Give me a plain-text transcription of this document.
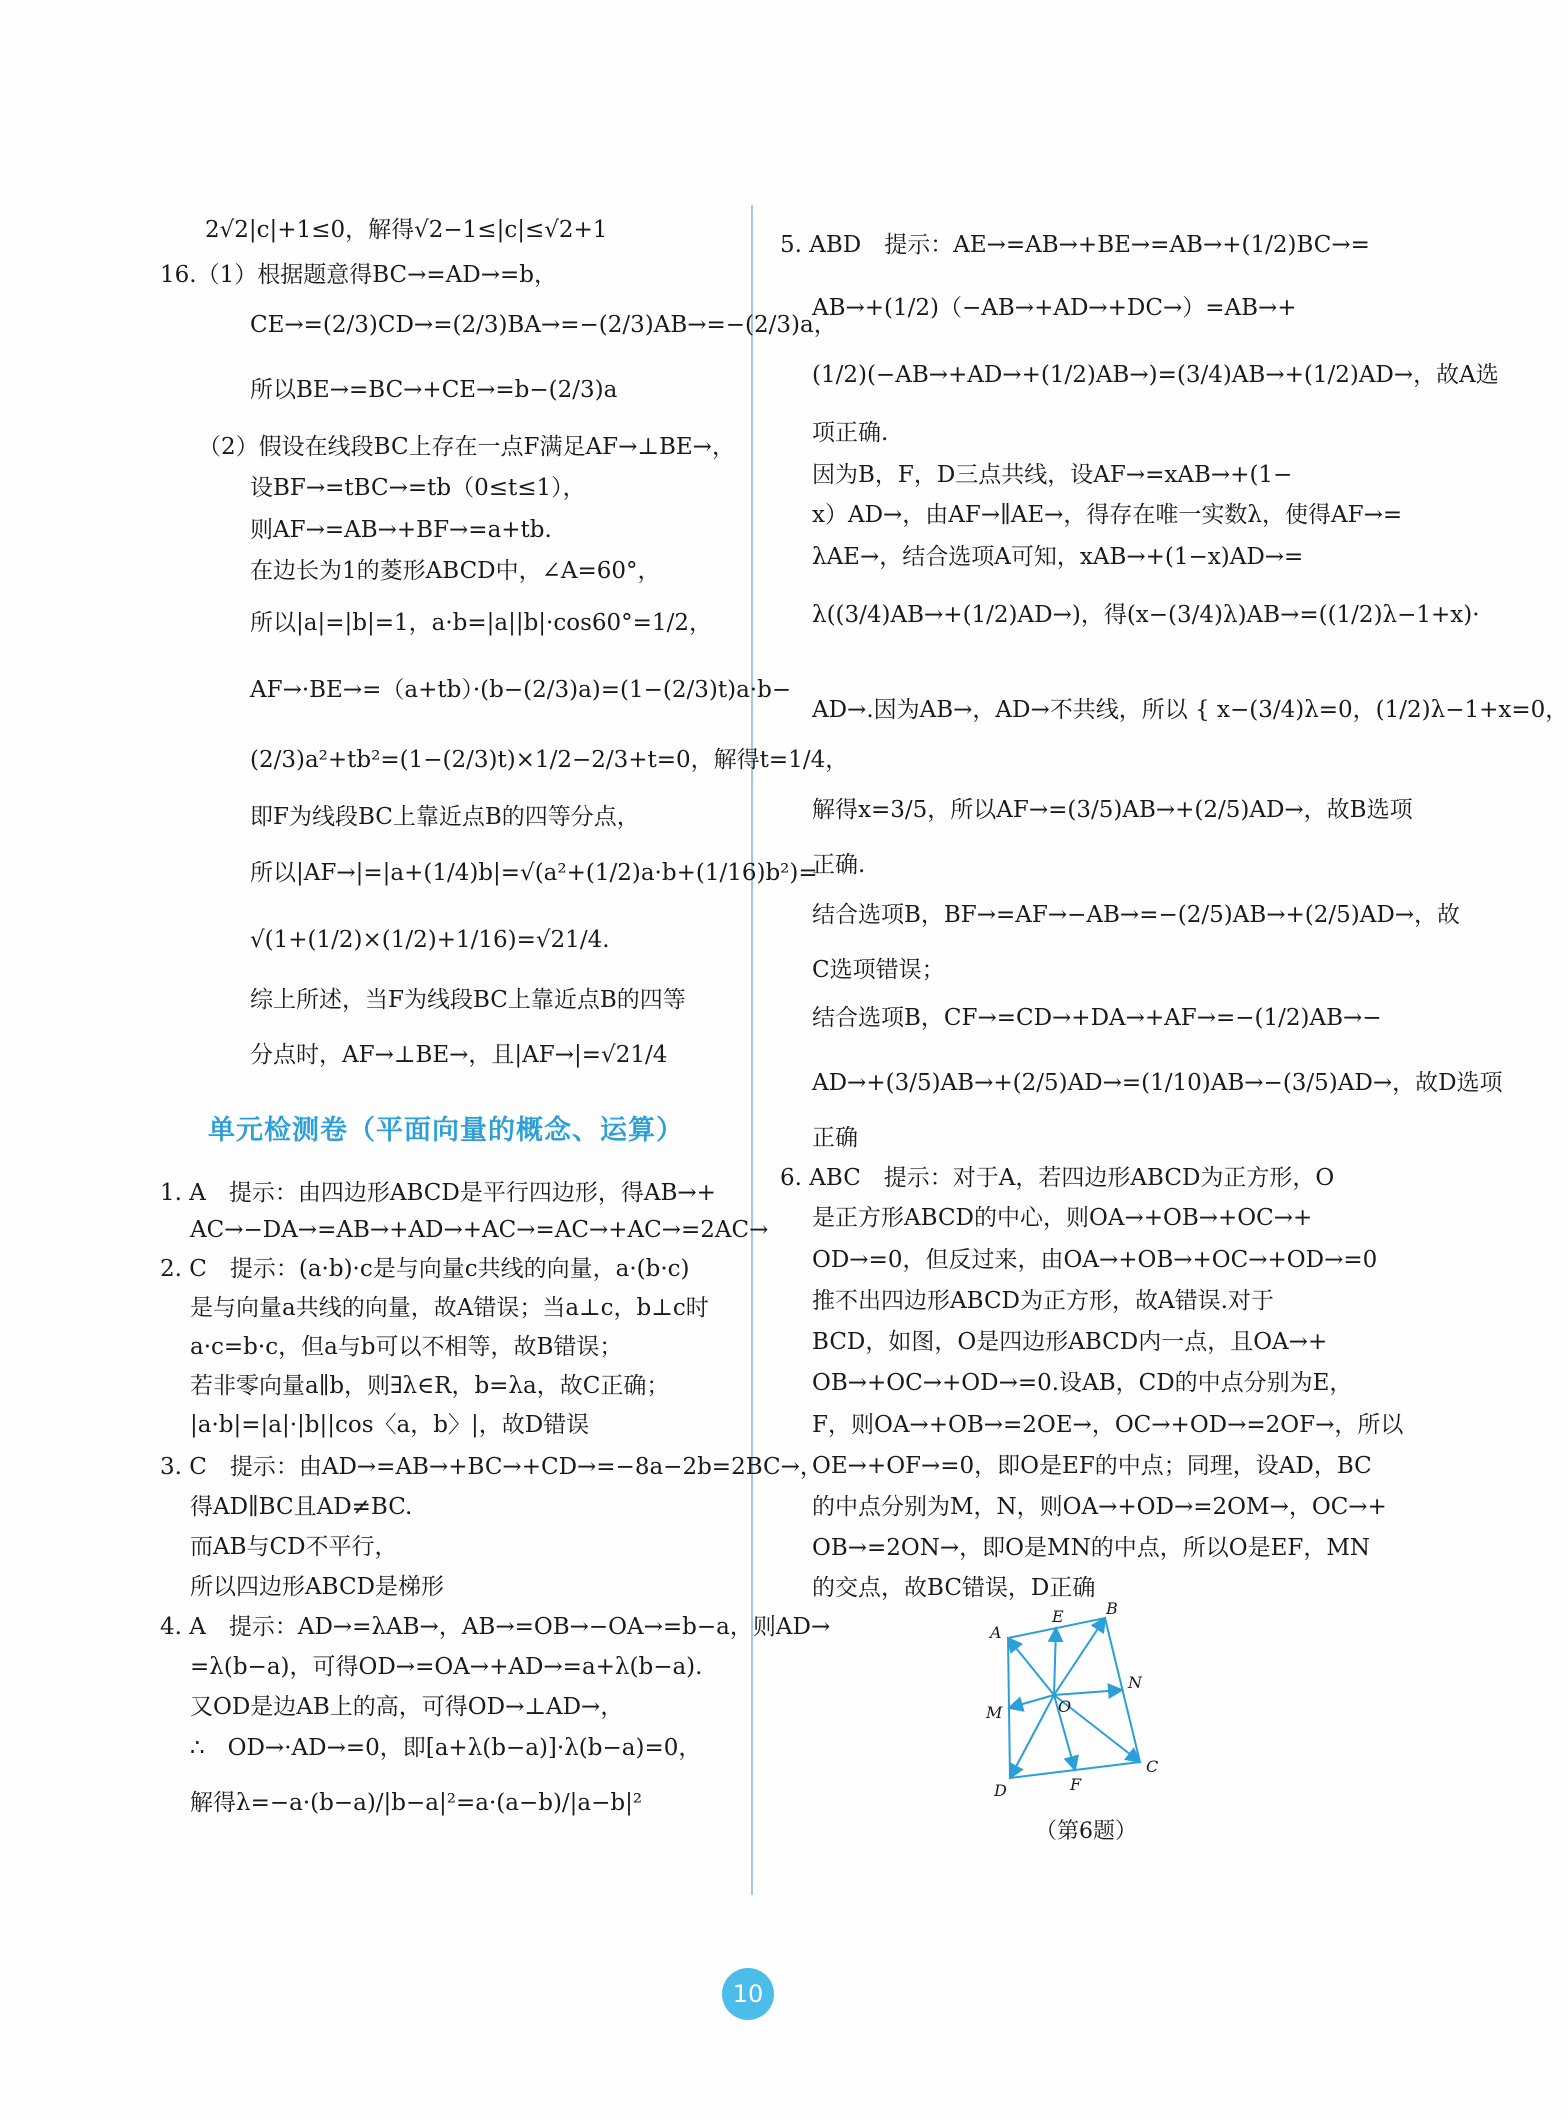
2√2|c|+1≤0，解得√2−1≤|c|≤√2+1
16.（1）根据题意得BC→=AD→=b，
CE→=(2/3)CD→=(2/3)BA→=−(2/3)AB→=−(2/3)a，
所以BE→=BC→+CE→=b−(2/3)a
（2）假设在线段BC上存在一点F满足AF→⊥BE→，
设BF→=tBC→=tb（0≤t≤1），
则AF→=AB→+BF→=a+tb.
在边长为1的菱形ABCD中，∠A=60°，
所以|a|=|b|=1，a·b=|a||b|·cos60°=1/2，
AF→·BE→=（a+tb）·(b−(2/3)a)=(1−(2/3)t)a·b−
(2/3)a²+tb²=(1−(2/3)t)×1/2−2/3+t=0，解得t=1/4，
即F为线段BC上靠近点B的四等分点，
所以|AF→|=|a+(1/4)b|=√(a²+(1/2)a·b+(1/16)b²)=
√(1+(1/2)×(1/2)+1/16)=√21/4.
综上所述，当F为线段BC上靠近点B的四等
分点时，AF→⊥BE→，且|AF→|=√21/4
单元检测卷（平面向量的概念、运算）
1. A　提示：由四边形ABCD是平行四边形，得AB→+
AC→−DA→=AB→+AD→+AC→=AC→+AC→=2AC→
2. C　提示：(a·b)·c是与向量c共线的向量，a·(b·c)
是与向量a共线的向量，故A错误；当a⊥c，b⊥c时
a·c=b·c，但a与b可以不相等，故B错误；
若非零向量a∥b，则∃λ∈R，b=λa，故C正确；
|a·b|=|a|·|b||cos〈a，b〉|，故D错误
3. C　提示：由AD→=AB→+BC→+CD→=−8a−2b=2BC→，
得AD∥BC且AD≠BC.
而AB与CD不平行，
所以四边形ABCD是梯形
4. A　提示：AD→=λAB→，AB→=OB→−OA→=b−a，则AD→
=λ(b−a)，可得OD→=OA→+AD→=a+λ(b−a).
又OD是边AB上的高，可得OD→⊥AD→，
∴　OD→·AD→=0，即[a+λ(b−a)]·λ(b−a)=0，
解得λ=−a·(b−a)/|b−a|²=a·(a−b)/|a−b|²
5. ABD　提示：AE→=AB→+BE→=AB→+(1/2)BC→=
AB→+(1/2)（−AB→+AD→+DC→）=AB→+
(1/2)(−AB→+AD→+(1/2)AB→)=(3/4)AB→+(1/2)AD→，故A选
项正确.
因为B，F，D三点共线，设AF→=xAB→+(1−
x）AD→，由AF→∥AE→，得存在唯一实数λ，使得AF→=
λAE→，结合选项A可知，xAB→+(1−x)AD→=
λ((3/4)AB→+(1/2)AD→)，得(x−(3/4)λ)AB→=((1/2)λ−1+x)·
AD→.因为AB→，AD→不共线，所以 { x−(3/4)λ=0，(1/2)λ−1+x=0，
解得x=3/5，所以AF→=(3/5)AB→+(2/5)AD→，故B选项
正确.
结合选项B，BF→=AF→−AB→=−(2/5)AB→+(2/5)AD→，故
C选项错误；
结合选项B，CF→=CD→+DA→+AF→=−(1/2)AB→−
AD→+(3/5)AB→+(2/5)AD→=(1/10)AB→−(3/5)AD→，故D选项
正确
6. ABC　提示：对于A，若四边形ABCD为正方形，O
是正方形ABCD的中心，则OA→+OB→+OC→+
OD→=0，但反过来，由OA→+OB→+OC→+OD→=0
推不出四边形ABCD为正方形，故A错误.对于
BCD，如图，O是四边形ABCD内一点，且OA→+
OB→+OC→+OD→=0.设AB，CD的中点分别为E，
F，则OA→+OB→=2OE→，OC→+OD→=2OF→，所以
OE→+OF→=0，即O是EF的中点；同理，设AD，BC
的中点分别为M，N，则OA→+OD→=2OM→，OC→+
OB→=2ON→，即O是MN的中点，所以O是EF，MN
的交点，故BC错误，D正确
A
B
C
D
E
F
M
N
O
（第6题）
10
